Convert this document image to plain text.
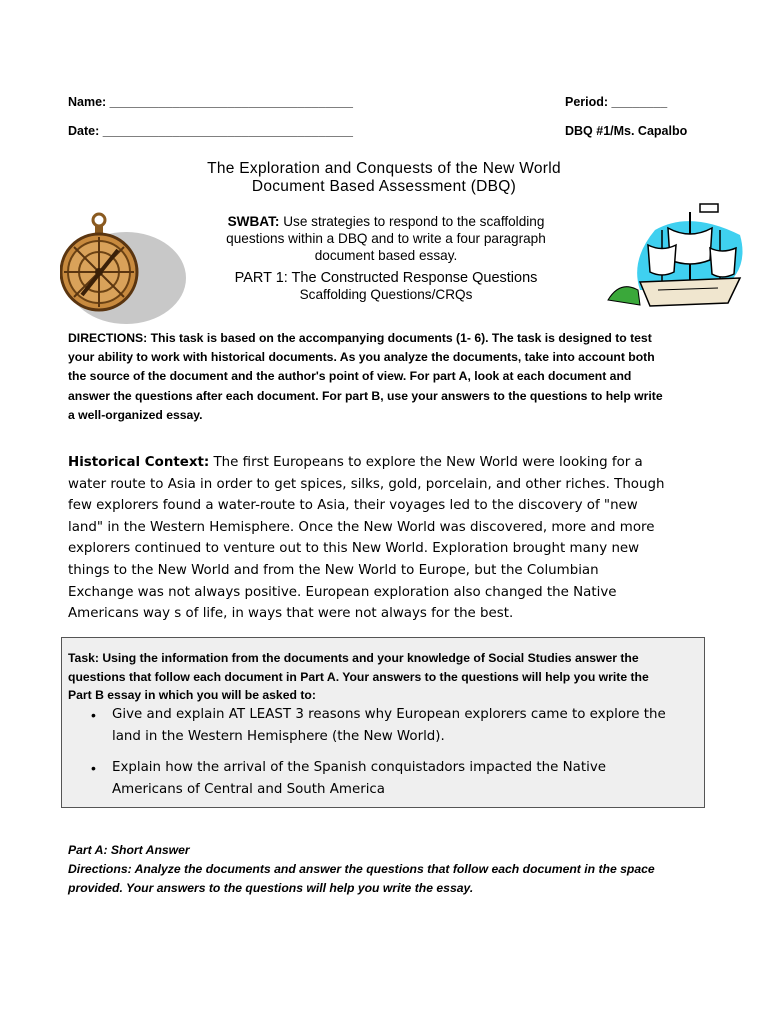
Name: ___________________________________	Period: ________
Date: ____________________________________	DBQ #1/Ms. Capalbo
The Exploration and Conquests of the New World
Document Based Assessment (DBQ)
SWBAT: Use strategies to respond to the scaffolding
questions within a DBQ and to write a four paragraph
document based essay.
PART 1: The Constructed Response Questions
Scaffolding Questions/CRQs
DIRECTIONS: This task is based on the accompanying documents (1- 6). The task is designed to test
your ability to work with historical documents. As you analyze the documents, take into account both
the source of the document and the author's point of view. For part A, look at each document and
answer the questions after each document. For part B, use your answers to the questions to help write
a well-organized essay.
Historical Context: The first Europeans to explore the New World were looking for a
water route to Asia in order to get spices, silks, gold, porcelain, and other riches. Though
few explorers found a water-route to Asia, their voyages led to the discovery of "new
land" in the Western Hemisphere. Once the New World was discovered, more and more
explorers continued to venture out to this New World. Exploration brought many new
things to the New World and from the New World to Europe, but the Columbian
Exchange was not always positive. European exploration also changed the Native
Americans way s of life, in ways that were not always for the best.
Task: Using the information from the documents and your knowledge of Social Studies answer the
questions that follow each document in Part A. Your answers to the questions will help you write the
Part B essay in which you will be asked to:
• Give and explain AT LEAST 3 reasons why European explorers came to explore the
land in the Western Hemisphere (the New World).
• Explain how the arrival of the Spanish conquistadors impacted the Native
Americans of Central and South America
Part A: Short Answer
Directions: Analyze the documents and answer the questions that follow each document in the space
provided. Your answers to the questions will help you write the essay.
